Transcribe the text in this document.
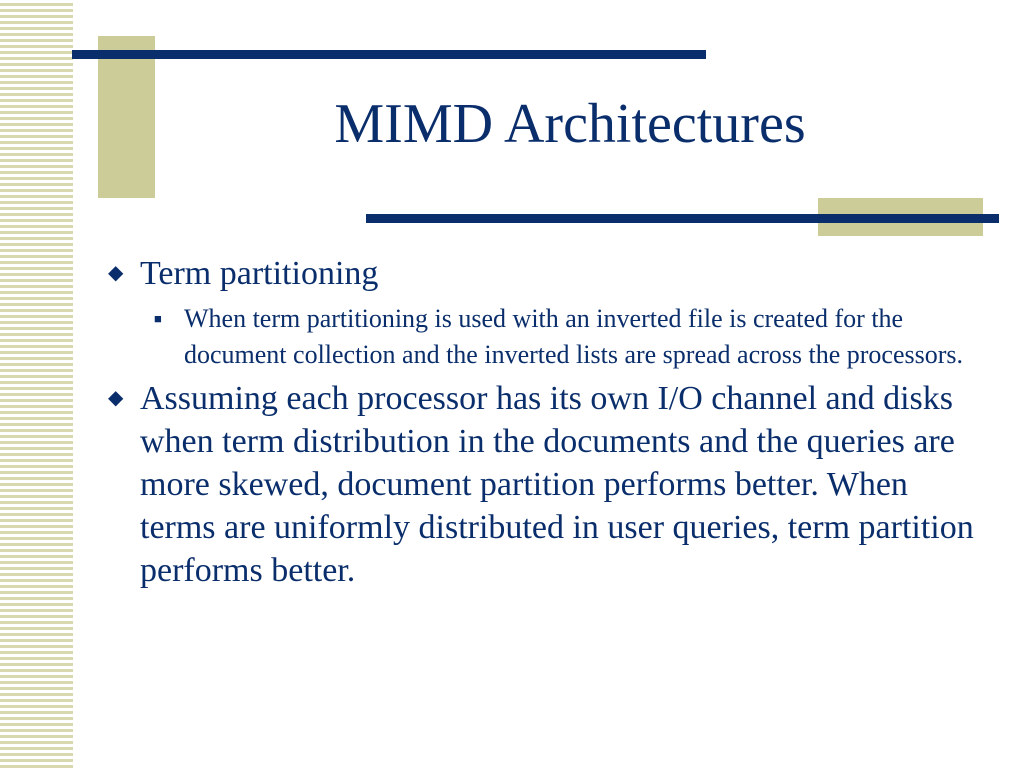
MIMD Architectures
◆ Term partitioning
■ When term partitioning is used with an inverted file is created for the document collection and the inverted lists are spread across the processors.
◆ Assuming each processor has its own I/O channel and disks when term distribution in the documents and the queries are more skewed, document partition performs better. When terms are uniformly distributed in user queries, term partition performs better.
